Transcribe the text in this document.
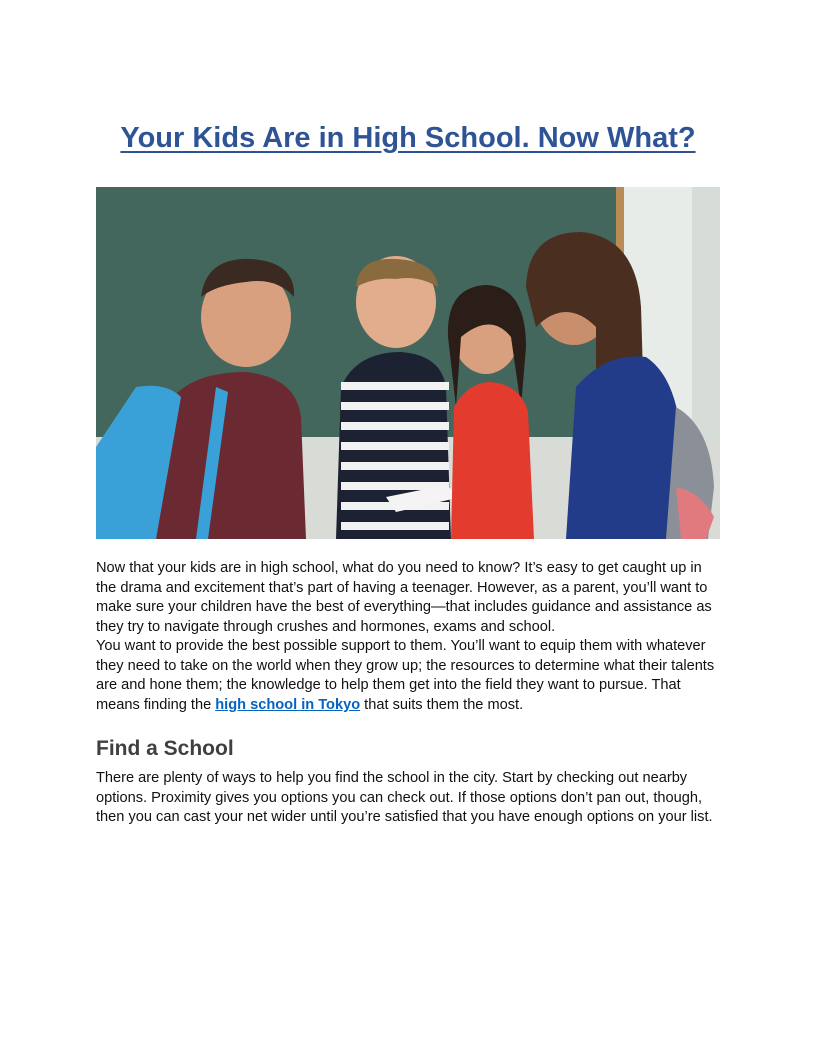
Your Kids Are in High School. Now What?

Now that your kids are in high school, what do you need to know? It’s easy to get caught up in the drama and excitement that’s part of having a teenager. However, as a parent, you’ll want to make sure your children have the best of everything—that includes guidance and assistance as they try to navigate through crushes and hormones, exams and school.

You want to provide the best possible support to them. You’ll want to equip them with whatever they need to take on the world when they grow up; the resources to determine what their talents are and hone them; the knowledge to help them get into the field they want to pursue. That means finding the high school in Tokyo that suits them the most.

Find a School

There are plenty of ways to help you find the school in the city. Start by checking out nearby options. Proximity gives you options you can check out. If those options don’t pan out, though, then you can cast your net wider until you’re satisfied that you have enough options on your list.
